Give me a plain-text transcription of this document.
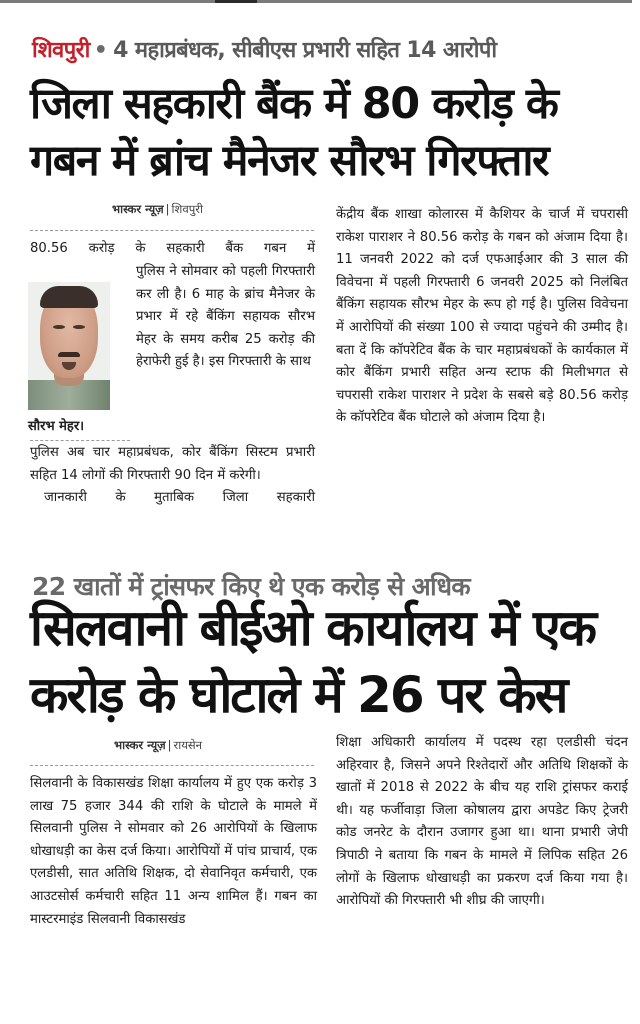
शिवपुरी • 4 महाप्रबंधक, सीबीएस प्रभारी सहित 14 आरोपी
जिला सहकारी बैंक में 80 करोड़ के
गबन में ब्रांच मैनेजर सौरभ गिरफ्तार
भास्कर न्यूज़ | शिवपुरी

80.56 करोड़ के सहकारी बैंक गबन में

सौरभ मेहर।

पुलिस ने सोमवार को पहली गिरफ्तारी कर ली है। 6 माह के ब्रांच मैनेजर के प्रभार में रहे बैंकिंग सहायक सौरभ मेहर के समय करीब 25 करोड़ की हेराफेरी हुई है। इस गिरफ्तारी के साथ

पुलिस अब चार महाप्रबंधक, कोर बैंकिंग सिस्टम प्रभारी सहित 14 लोगों की गिरफ्तारी 90 दिन में करेगी।

जानकारी के मुताबिक जिला सहकारी

केंद्रीय बैंक शाखा कोलारस में कैशियर के चार्ज में चपरासी राकेश पाराशर ने 80.56 करोड़ के गबन को अंजाम दिया है। 11 जनवरी 2022 को दर्ज एफआईआर की 3 साल की विवेचना में पहली गिरफ्तारी 6 जनवरी 2025 को निलंबित बैंकिंग सहायक सौरभ मेहर के रूप हो गई है। पुलिस विवेचना में आरोपियों की संख्या 100 से ज्यादा पहुंचने की उम्मीद है। बता दें कि कॉपरेटिव बैंक के चार महाप्रबंधकों के कार्यकाल में कोर बैंकिंग प्रभारी सहित अन्य स्टाफ की मिलीभगत से चपरासी राकेश पाराशर ने प्रदेश के सबसे बड़े 80.56 करोड़ के कॉपरेटिव बैंक घोटाले को अंजाम दिया है।

22 खातों में ट्रांसफर किए थे एक करोड़ से अधिक
सिलवानी बीईओ कार्यालय में एक
करोड़ के घोटाले में 26 पर केस
भास्कर न्यूज़ | रायसेन

सिलवानी के विकासखंड शिक्षा कार्यालय में हुए एक करोड़ 3 लाख 75 हजार 344 की राशि के घोटाले के मामले में सिलवानी पुलिस ने सोमवार को 26 आरोपियों के खिलाफ धोखाधड़ी का केस दर्ज किया। आरोपियों में पांच प्राचार्य, एक एलडीसी, सात अतिथि शिक्षक, दो सेवानिवृत कर्मचारी, एक आउटसोर्स कर्मचारी सहित 11 अन्य शामिल हैं। गबन का मास्टरमाइंड सिलवानी विकासखंड

शिक्षा अधिकारी कार्यालय में पदस्थ रहा एलडीसी चंदन अहिरवार है, जिसने अपने रिश्तेदारों और अतिथि शिक्षकों के खातों में 2018 से 2022 के बीच यह राशि ट्रांसफर कराई थी। यह फर्जीवाड़ा जिला कोषालय द्वारा अपडेट किए ट्रेजरी कोड जनरेट के दौरान उजागर हुआ था। थाना प्रभारी जेपी त्रिपाठी ने बताया कि गबन के मामले में लिपिक सहित 26 लोगों के खिलाफ धोखाधड़ी का प्रकरण दर्ज किया गया है। आरोपियों की गिरफ्तारी भी शीघ्र की जाएगी।
